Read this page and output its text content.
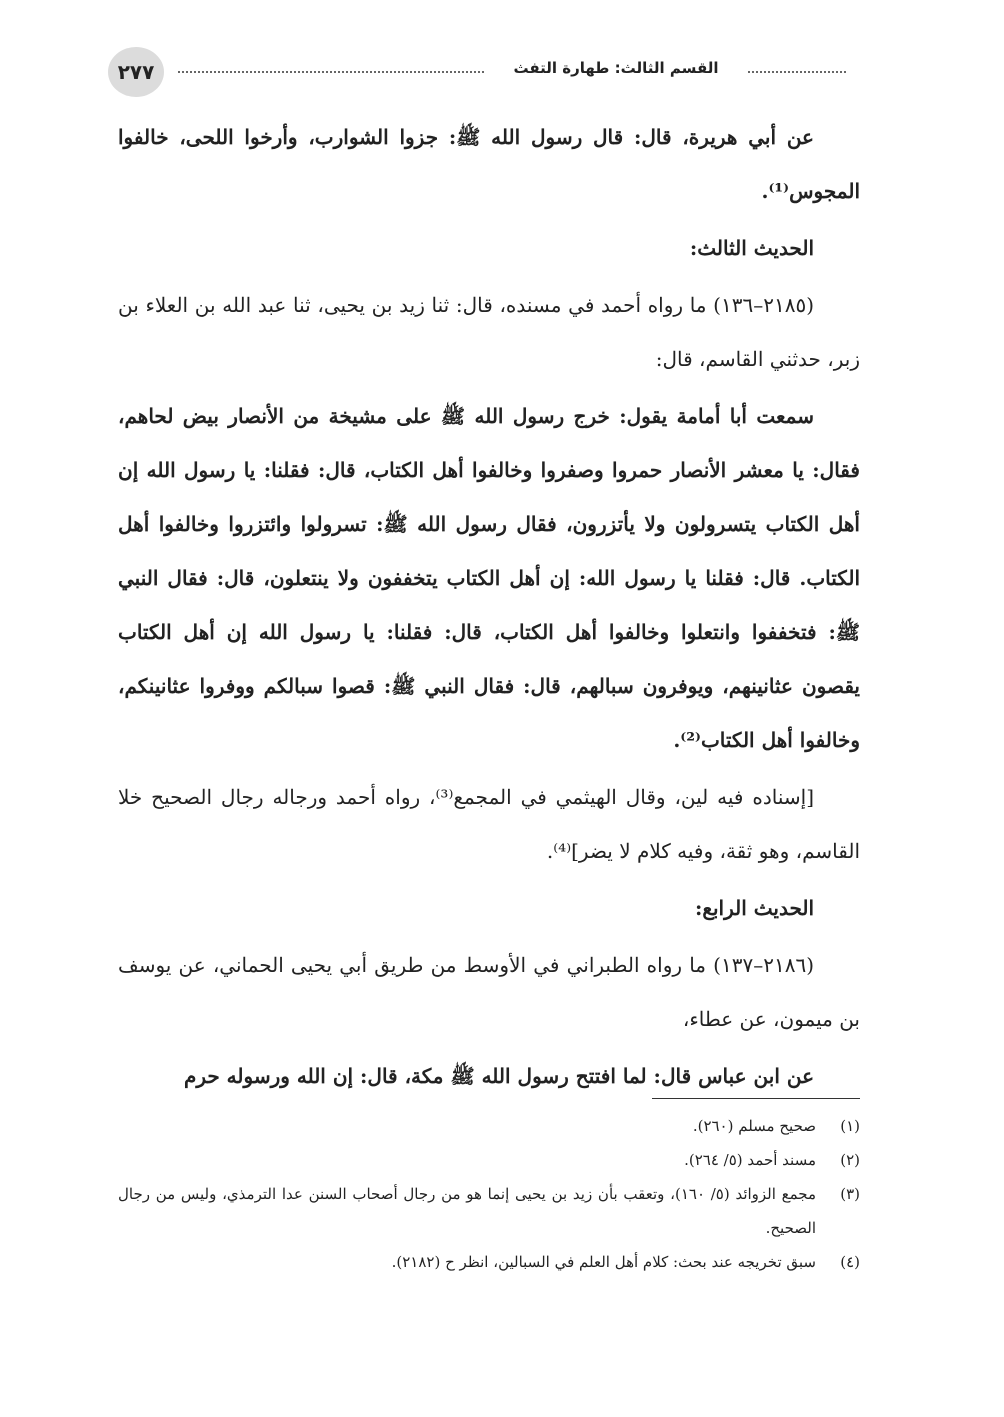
٢٧٧	القسم الثالث: طهارة التفث

عن أبي هريرة، قال: قال رسول الله ﷺ: جزوا الشوارب، وأرخوا اللحى، خالفوا المجوس⁽¹⁾.

الحديث الثالث:

(٢١٨٥–١٣٦) ما رواه أحمد في مسنده، قال: ثنا زيد بن يحيى، ثنا عبد الله بن العلاء بن زبر، حدثني القاسم، قال:

سمعت أبا أمامة يقول: خرج رسول الله ﷺ على مشيخة من الأنصار بيض لحاهم، فقال: يا معشر الأنصار حمروا وصفروا وخالفوا أهل الكتاب، قال: فقلنا: يا رسول الله إن أهل الكتاب يتسرولون ولا يأتزرون، فقال رسول الله ﷺ: تسرولوا وائتزروا وخالفوا أهل الكتاب. قال: فقلنا يا رسول الله: إن أهل الكتاب يتخففون ولا ينتعلون، قال: فقال النبي ﷺ: فتخففوا وانتعلوا وخالفوا أهل الكتاب، قال: فقلنا: يا رسول الله إن أهل الكتاب يقصون عثانينهم، ويوفرون سبالهم، قال: فقال النبي ﷺ: قصوا سبالكم ووفروا عثانينكم، وخالفوا أهل الكتاب⁽²⁾.

[إسناده فيه لين، وقال الهيثمي في المجمع⁽³⁾، رواه أحمد ورجاله رجال الصحيح خلا القاسم، وهو ثقة، وفيه كلام لا يضر]⁽⁴⁾.

الحديث الرابع:

(٢١٨٦–١٣٧) ما رواه الطبراني في الأوسط من طريق أبي يحيى الحماني، عن يوسف بن ميمون، عن عطاء،

عن ابن عباس قال: لما افتتح رسول الله ﷺ مكة، قال: إن الله ورسوله حرم

(١)
صحيح مسلم (٢٦٠).
(٢)
مسند أحمد (٥/ ٢٦٤).
(٣)
مجمع الزوائد (٥/ ١٦٠)، وتعقب بأن زيد بن يحيى إنما هو من رجال أصحاب السنن عدا الترمذي، وليس من رجال الصحيح.
(٤)
سبق تخريجه عند بحث: كلام أهل العلم في السبالين، انظر ح (٢١٨٢).
